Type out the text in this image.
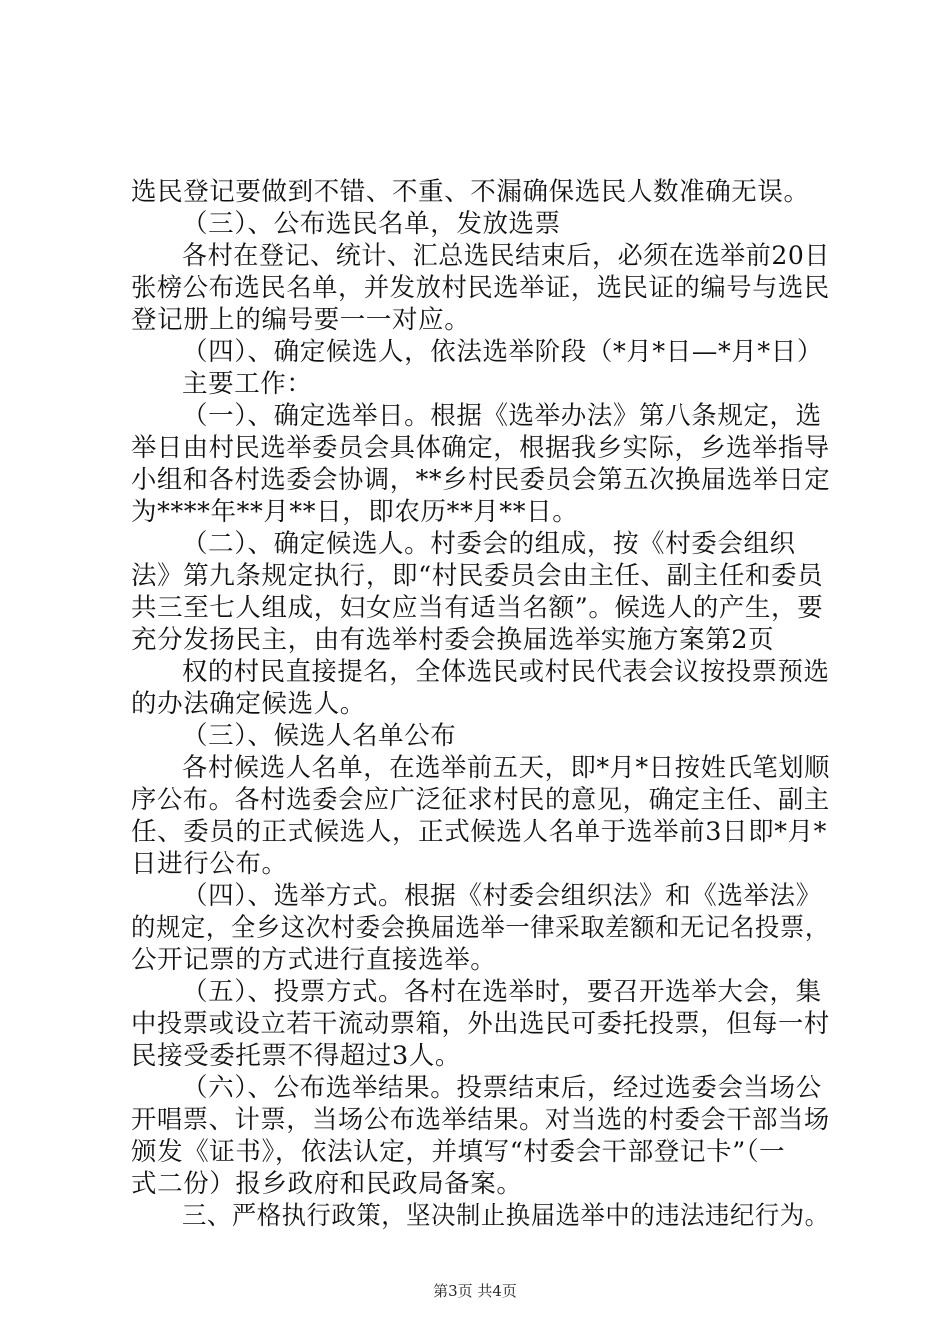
选民登记要做到不错、不重、不漏确保选民人数准确无误。
（三）、公布选民名单，发放选票
各村在登记、统计、汇总选民结束后，必须在选举前20日
张榜公布选民名单，并发放村民选举证，选民证的编号与选民
登记册上的编号要一一对应。
（四）、确定候选人，依法选举阶段（*月*日—*月*日）
主要工作：
（一）、确定选举日。根据《选举办法》第八条规定，选
举日由村民选举委员会具体确定，根据我乡实际，乡选举指导
小组和各村选委会协调，**乡村民委员会第五次换届选举日定
为****年**月**日，即农历**月**日。
（二）、确定候选人。村委会的组成，按《村委会组织
法》第九条规定执行，即“村民委员会由主任、副主任和委员
共三至七人组成，妇女应当有适当名额”。候选人的产生，要
充分发扬民主，由有选举村委会换届选举实施方案第2页
权的村民直接提名，全体选民或村民代表会议按投票预选
的办法确定候选人。
（三）、候选人名单公布
各村候选人名单，在选举前五天，即*月*日按姓氏笔划顺
序公布。各村选委会应广泛征求村民的意见，确定主任、副主
任、委员的正式候选人，正式候选人名单于选举前3日即*月*
日进行公布。
（四）、选举方式。根据《村委会组织法》和《选举法》
的规定，全乡这次村委会换届选举一律采取差额和无记名投票，
公开记票的方式进行直接选举。
（五）、投票方式。各村在选举时，要召开选举大会，集
中投票或设立若干流动票箱，外出选民可委托投票，但每一村
民接受委托票不得超过3人。
（六）、公布选举结果。投票结束后，经过选委会当场公
开唱票、计票，当场公布选举结果。对当选的村委会干部当场
颁发《证书》，依法认定，并填写“村委会干部登记卡”（一
式二份）报乡政府和民政局备案。
三、严格执行政策，坚决制止换届选举中的违法违纪行为。
第3页 共4页
